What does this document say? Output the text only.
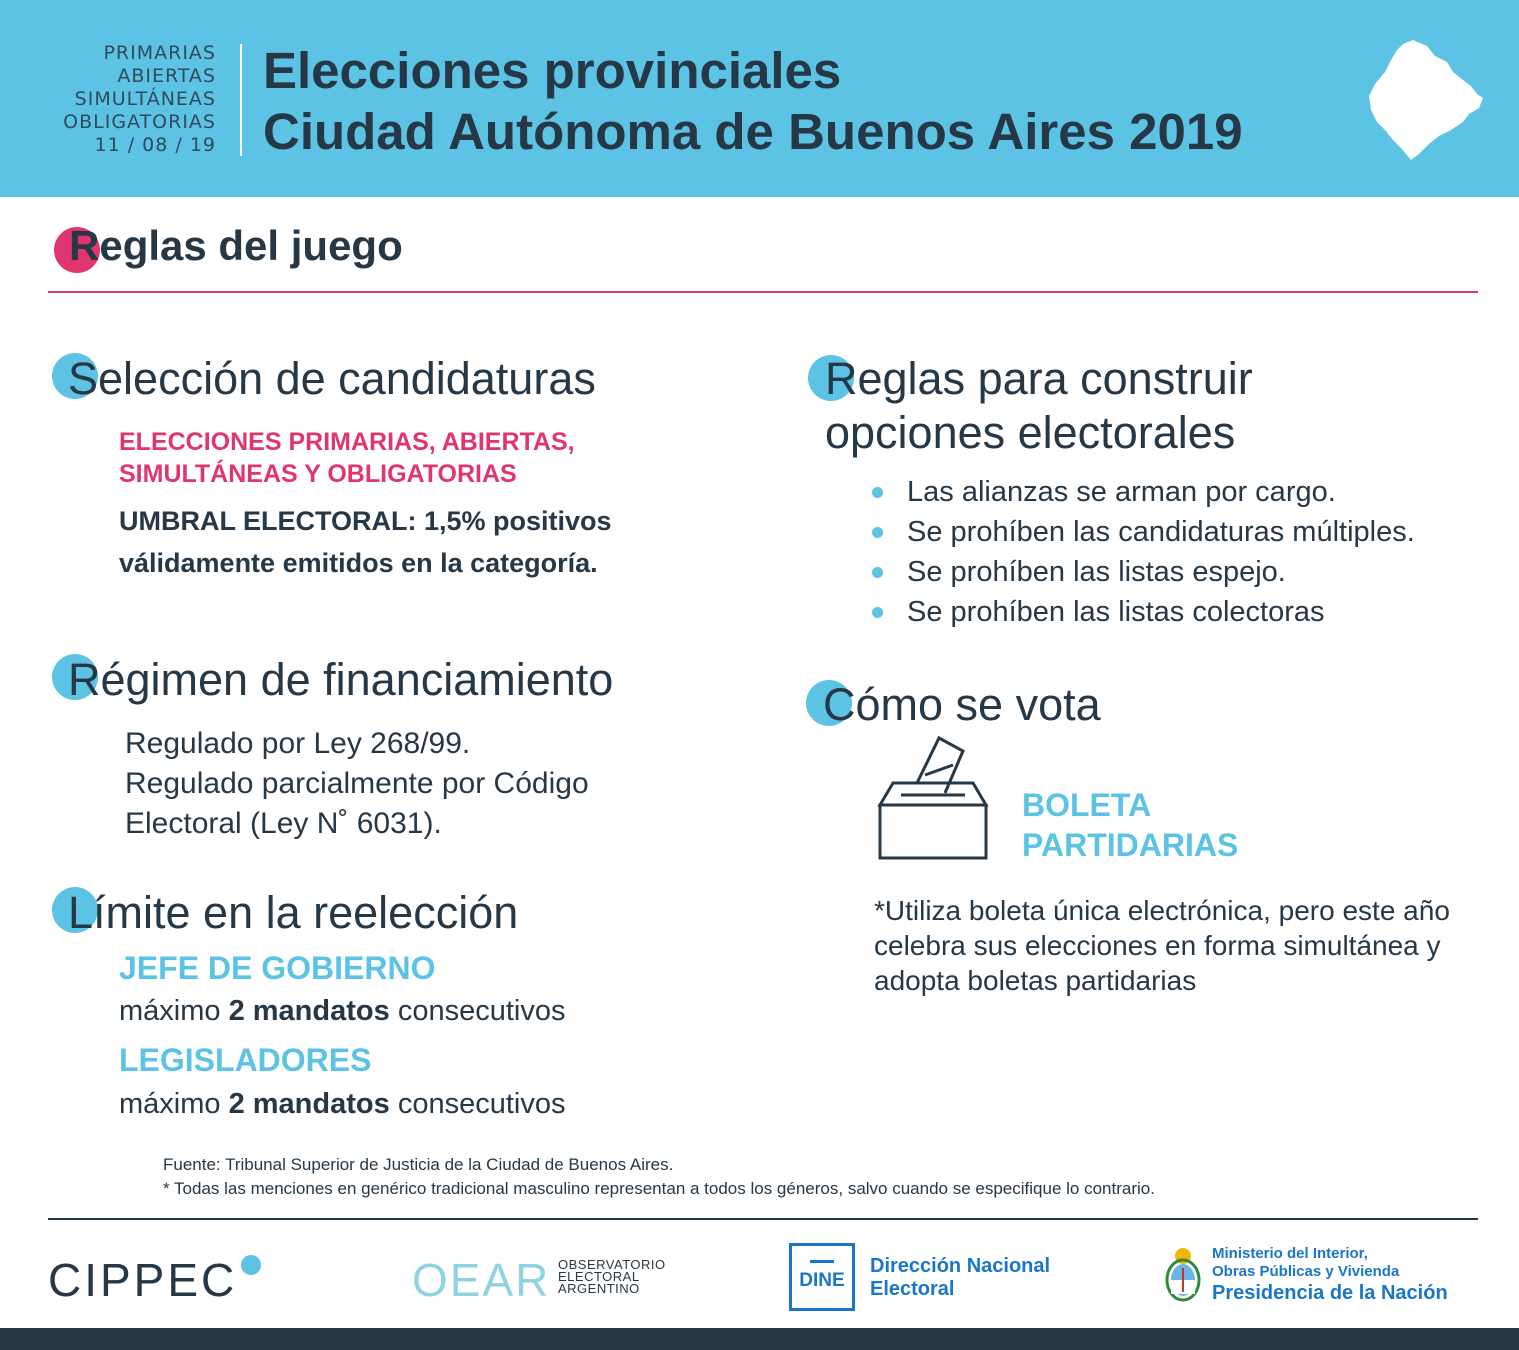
PRIMARIAS
ABIERTAS
SIMULTÁNEAS
OBLIGATORIAS
11 / 08 / 19
Elecciones provinciales
Ciudad Autónoma de Buenos Aires 2019
Reglas del juego
Selección de candidaturas
ELECCIONES PRIMARIAS, ABIERTAS,
SIMULTÁNEAS Y OBLIGATORIAS
UMBRAL ELECTORAL: 1,5% positivos válidamente emitidos en la categoría.
Régimen de financiamiento
Regulado por Ley 268/99.
Regulado parcialmente por Código
Electoral (Ley N˚ 6031).
Límite en la reelección
JEFE DE GOBIERNO
máximo 2 mandatos consecutivos
LEGISLADORES
máximo 2 mandatos consecutivos
Reglas para construir
opciones electorales
Las alianzas se arman por cargo.
Se prohíben las candidaturas múltiples.
Se prohíben las listas espejo.
Se prohíben las listas colectoras
Cómo se vota
BOLETA
PARTIDARIAS
*Utiliza boleta única electrónica, pero este año celebra sus elecciones en forma simultánea y adopta boletas partidarias
Fuente: Tribunal Superior de Justicia de la Ciudad de Buenos Aires.
* Todas las menciones en genérico tradicional masculino representan a todos los géneros, salvo cuando se especifique lo contrario.
CIPPEC	OEAR OBSERVATORIO
ELECTORAL
ARGENTINO	DINE
Dirección Nacional
Electoral
Ministerio del Interior,
Obras Públicas y Vivienda
Presidencia de la Nación
